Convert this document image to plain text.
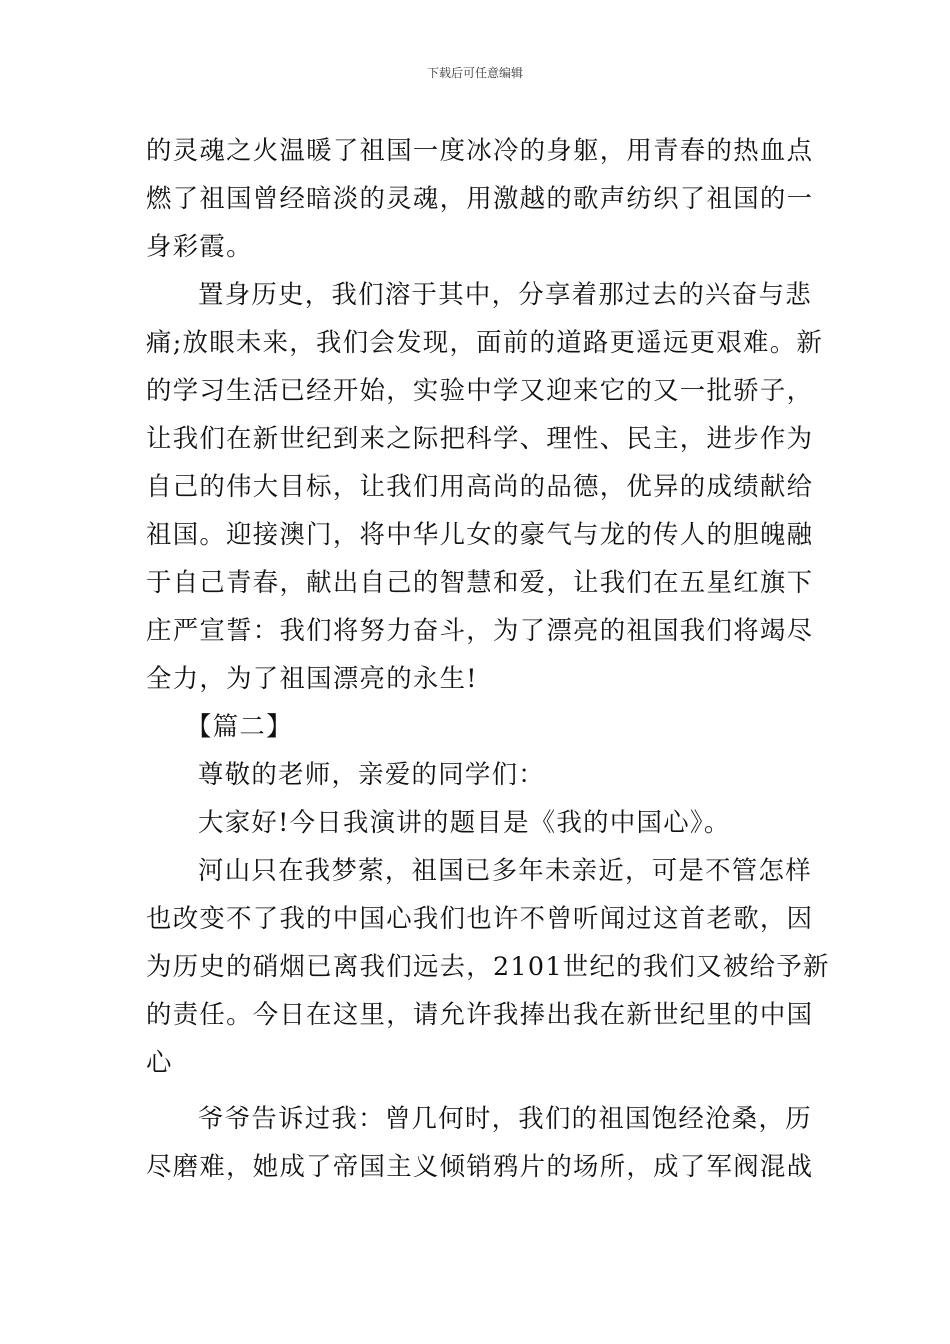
下载后可任意编辑

的灵魂之火温暖了祖国一度冰冷的身躯，用青春的热血点
燃了祖国曾经暗淡的灵魂，用激越的歌声纺织了祖国的一
身彩霞。

置身历史，我们溶于其中，分享着那过去的兴奋与悲
痛;放眼未来，我们会发现，面前的道路更遥远更艰难。新
的学习生活已经开始，实验中学又迎来它的又一批骄子，
让我们在新世纪到来之际把科学、理性、民主，进步作为
自己的伟大目标，让我们用高尚的品德，优异的成绩献给
祖国。迎接澳门，将中华儿女的豪气与龙的传人的胆魄融
于自己青春，献出自己的智慧和爱，让我们在五星红旗下
庄严宣誓：我们将努力奋斗，为了漂亮的祖国我们将竭尽
全力，为了祖国漂亮的永生!

【篇二】

尊敬的老师，亲爱的同学们：

大家好!今日我演讲的题目是《我的中国心》。

河山只在我梦萦，祖国已多年未亲近，可是不管怎样
也改变不了我的中国心我们也许不曾听闻过这首老歌，因
为历史的硝烟已离我们远去，2101世纪的我们又被给予新
的责任。今日在这里，请允许我捧出我在新世纪里的中国
心

爷爷告诉过我：曾几何时，我们的祖国饱经沧桑，历
尽磨难，她成了帝国主义倾销鸦片的场所，成了军阀混战
